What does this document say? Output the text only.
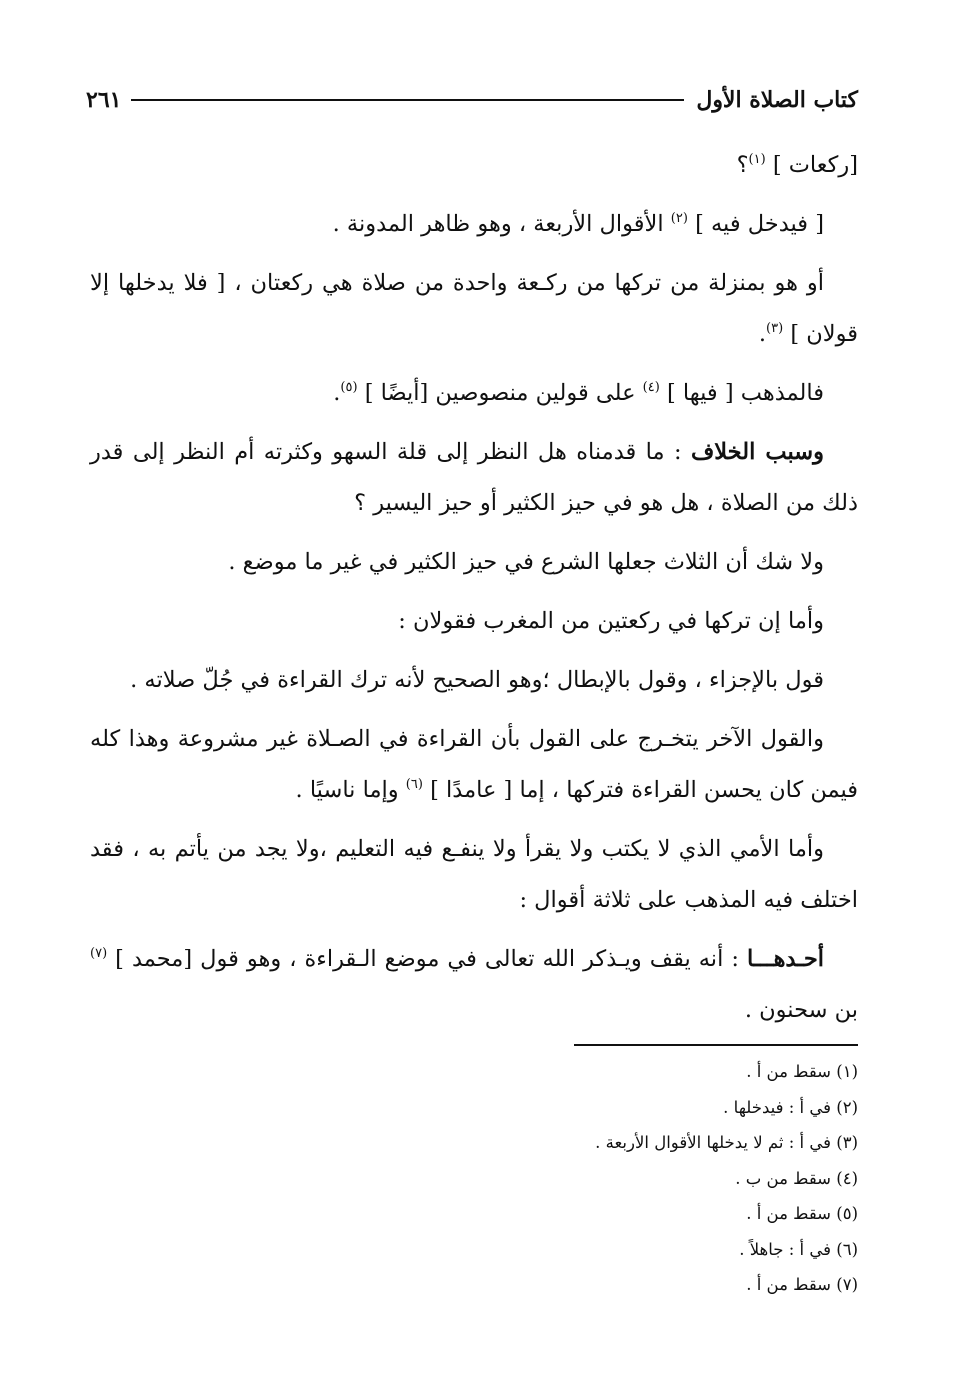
كتاب الصلاة الأول
٢٦١

[ركعات ] $^{(١)}$؟

[ فيدخل فيه ] $^{(٢)}$ الأقوال الأربعة ، وهو ظاهر المدونة .

أو هو بمنزلة من تركها من ركـعة واحدة من صلاة هي ركعتان ، [ فلا يدخلها إلا قولان ] $^{(٣)}$.

فالمذهب [ فيها ] $^{(٤)}$ على قولين منصوصين [أيضًا ] $^{(٥)}$.

وسبب الخلاف : ما قدمناه هل النظر إلى قلة السهو وكثرته أم النظر إلى قدر ذلك من الصلاة ، هل هو في حيز الكثير أو حيز اليسير ؟

ولا شك أن الثلاث جعلها الشرع في حيز الكثير في غير ما موضع .

وأما إن تركها في ركعتين من المغرب فقولان :

قول بالإجزاء ، وقول بالإبطال ؛وهو الصحيح لأنه ترك القراءة في جُلّ صلاته .

والقول الآخر يتخـرج على القول بأن القراءة في الصـلاة غير مشروعة وهذا كله فيمن كان يحسن القراءة فتركها ، إما [ عامدًا ] $^{(٦)}$ وإما ناسيًا .

وأما الأمي الذي لا يكتب ولا يقرأ ولا ينفـع فيه التعليم ،ولا يجد من يأتم به ، فقد اختلف فيه المذهب على ثلاثة أقوال :

أحـدهـــا : أنه يقف ويـذكر الله تعالى في موضع الـقراءة ، وهو قول [محمد ] $^{(٧)}$ بن سحنون .

(١) سقط من أ .
(٢) في أ : فيدخلها .
(٣) في أ : ثم لا يدخلها الأقوال الأربعة .
(٤) سقط من ب .
(٥) سقط من أ .
(٦) في أ : جاهلاً .
(٧) سقط من أ .
